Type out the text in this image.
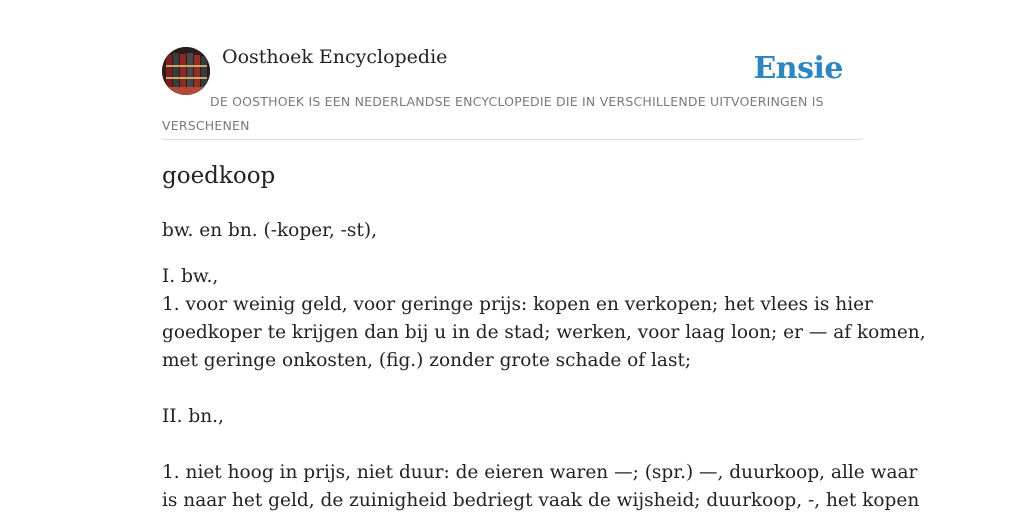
Oosthoek Encyclopedie	Ensie
DE OOSTHOEK IS EEN NEDERLANDSE ENCYCLOPEDIE DIE IN VERSCHILLENDE UITVOERINGEN IS VERSCHENEN
goedkoop
bw. en bn. (-koper, -st),

I. bw.,

1. voor weinig geld, voor geringe prijs: kopen en verkopen; het vlees is hier

goedkoper te krijgen dan bij u in de stad; werken, voor laag loon; er — af komen,

met geringe onkosten, (fig.) zonder grote schade of last;

II. bn.,

1. niet hoog in prijs, niet duur: de eieren waren —; (spr.) —, duurkoop, alle waar

is naar het geld, de zuinigheid bedriegt vaak de wijsheid; duurkoop, -, het kopen
